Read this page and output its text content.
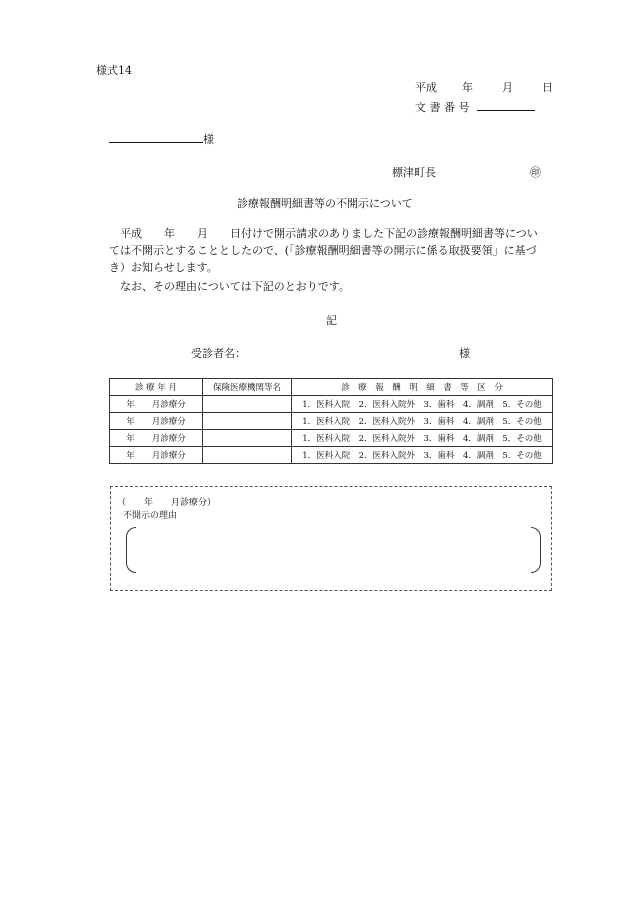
様式14
平成 年	月	日
文 書 番 号
様
標津町長	㊞
診療報酬明細書等の不開示について
　平成　　年　　月　　日付けで開示請求のありました下記の診療報酬明細書等につい
ては不開示とすることとしたので、(「診療報酬明細書等の開示に係る取扱要領」に基づ
き）お知らせします。
　なお、その理由については下記のとおりです。
記
受診者名：	様
診 療 年 月	保険医療機関等名	診　療　報　酬　明　細　書　等　区　分
年　　月診療分		1．医科入院　2．医科入院外　3．歯科　4．調剤　5．その他
年　　月診療分		1．医科入院　2．医科入院外　3．歯科　4．調剤　5．その他
年　　月診療分		1．医科入院　2．医科入院外　3．歯科　4．調剤　5．その他
年　　月診療分		1．医科入院　2．医科入院外　3．歯科　4．調剤　5．その他
（　　年　　月診療分）
不開示の理由
